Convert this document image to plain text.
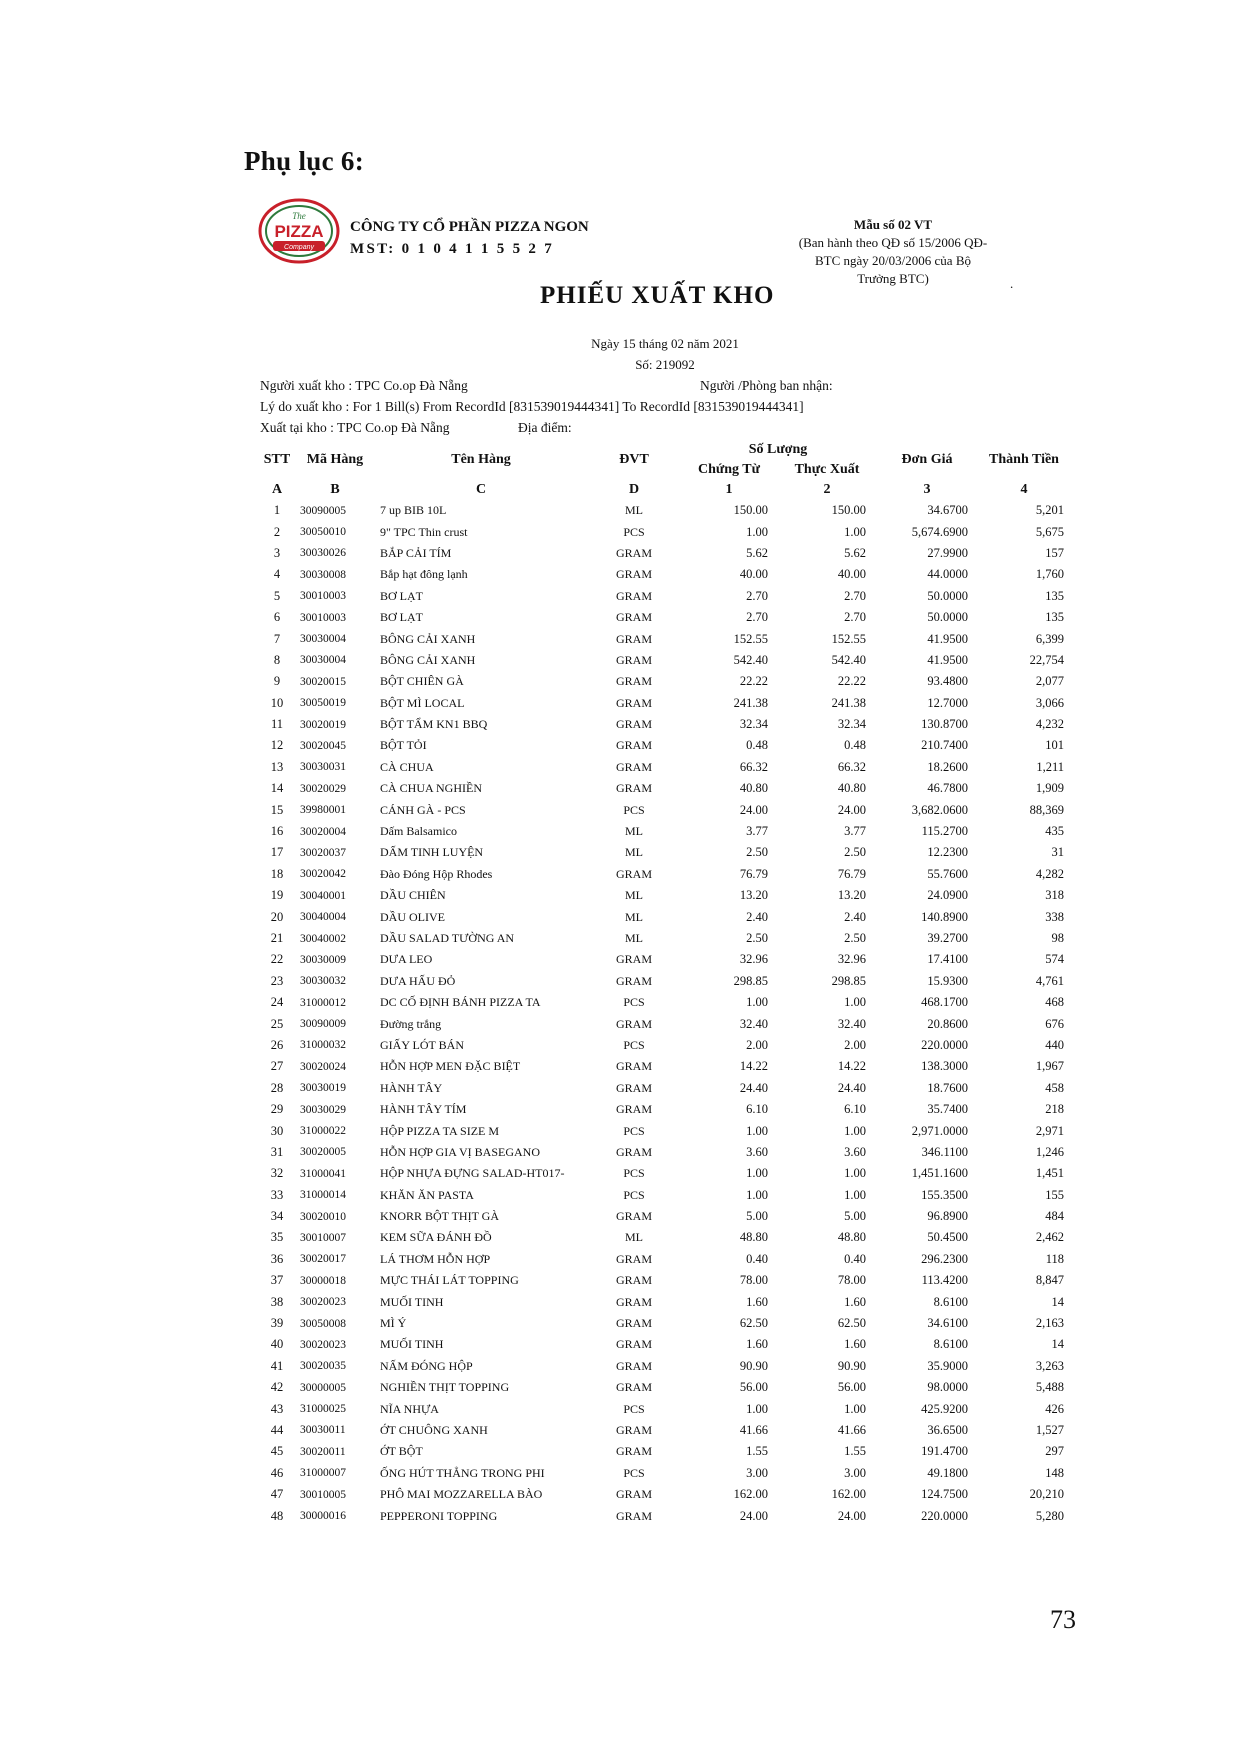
Phụ lục 6:
The
PIZZA
Company
CÔNG TY CỔ PHẦN PIZZA NGON
MST: 0 1 0 4 1 1 5 5 2 7
Mẫu số 02 VT
(Ban hành theo QĐ số 15/2006 QĐ-
BTC ngày 20/03/2006 của Bộ
Trưởng BTC)	.
PHIẾU XUẤT KHO
Ngày 15 tháng 02 năm 2021
Số: 219092
Người xuất kho : TPC Co.op Đà Nẵng	Người /Phòng ban nhận:
Lý do xuất kho : For 1 Bill(s) From RecordId [831539019444341] To RecordId [831539019444341]
Xuất tại kho : TPC Co.op Đà Nẵng	Địa điểm:
STT	Mã Hàng	Tên Hàng	ĐVT	Số Lượng		Đơn Giá	Thành Tiền
				Chứng Từ	Thực Xuất		
A	B	C	D	1	2	3	4
1	30090005	7 up BIB 10L	ML	150.00	150.00	34.6700	5,201
2	30050010	9" TPC Thin crust	PCS	1.00	1.00	5,674.6900	5,675
3	30030026	BẮP CẢI TÍM	GRAM	5.62	5.62	27.9900	157
4	30030008	Bắp hạt đông lạnh	GRAM	40.00	40.00	44.0000	1,760
5	30010003	BƠ LẠT	GRAM	2.70	2.70	50.0000	135
6	30010003	BƠ LẠT	GRAM	2.70	2.70	50.0000	135
7	30030004	BÔNG CẢI XANH	GRAM	152.55	152.55	41.9500	6,399
8	30030004	BÔNG CẢI XANH	GRAM	542.40	542.40	41.9500	22,754
9	30020015	BỘT CHIÊN GÀ	GRAM	22.22	22.22	93.4800	2,077
10	30050019	BỘT MÌ LOCAL	GRAM	241.38	241.38	12.7000	3,066
11	30020019	BỘT TẨM KN1 BBQ	GRAM	32.34	32.34	130.8700	4,232
12	30020045	BỘT TỎI	GRAM	0.48	0.48	210.7400	101
13	30030031	CÀ CHUA	GRAM	66.32	66.32	18.2600	1,211
14	30020029	CÀ CHUA NGHIỀN	GRAM	40.80	40.80	46.7800	1,909
15	39980001	CÁNH GÀ - PCS	PCS	24.00	24.00	3,682.0600	88,369
16	30020004	Dấm Balsamico	ML	3.77	3.77	115.2700	435
17	30020037	DẤM TINH LUYỆN	ML	2.50	2.50	12.2300	31
18	30020042	Đào Đóng Hộp Rhodes	GRAM	76.79	76.79	55.7600	4,282
19	30040001	DẦU CHIÊN	ML	13.20	13.20	24.0900	318
20	30040004	DẦU OLIVE	ML	2.40	2.40	140.8900	338
21	30040002	DẦU SALAD TƯỜNG AN	ML	2.50	2.50	39.2700	98
22	30030009	DƯA LEO	GRAM	32.96	32.96	17.4100	574
23	30030032	DƯA HẤU ĐỎ	GRAM	298.85	298.85	15.9300	4,761
24	31000012	DC CỐ ĐỊNH BÁNH PIZZA TA	PCS	1.00	1.00	468.1700	468
25	30090009	Đường trắng	GRAM	32.40	32.40	20.8600	676
26	31000032	GIẤY LÓT BÁN	PCS	2.00	2.00	220.0000	440
27	30020024	HỖN HỢP MEN ĐẶC BIỆT	GRAM	14.22	14.22	138.3000	1,967
28	30030019	HÀNH TÂY	GRAM	24.40	24.40	18.7600	458
29	30030029	HÀNH TÂY TÍM	GRAM	6.10	6.10	35.7400	218
30	31000022	HỘP PIZZA TA SIZE M	PCS	1.00	1.00	2,971.0000	2,971
31	30020005	HỖN HỢP GIA VỊ BASEGANO	GRAM	3.60	3.60	346.1100	1,246
32	31000041	HỘP NHỰA ĐỰNG SALAD-HT017-	PCS	1.00	1.00	1,451.1600	1,451
33	31000014	KHĂN ĂN PASTA	PCS	1.00	1.00	155.3500	155
34	30020010	KNORR BỘT THỊT GÀ	GRAM	5.00	5.00	96.8900	484
35	30010007	KEM SỮA ĐÁNH ĐỒ	ML	48.80	48.80	50.4500	2,462
36	30020017	LÁ THƠM HỖN HỢP	GRAM	0.40	0.40	296.2300	118
37	30000018	MỰC THÁI LÁT TOPPING	GRAM	78.00	78.00	113.4200	8,847
38	30020023	MUỐI TINH	GRAM	1.60	1.60	8.6100	14
39	30050008	MÌ Ý	GRAM	62.50	62.50	34.6100	2,163
40	30020023	MUỐI TINH	GRAM	1.60	1.60	8.6100	14
41	30020035	NẤM ĐÓNG HỘP	GRAM	90.90	90.90	35.9000	3,263
42	30000005	NGHIỀN THỊT TOPPING	GRAM	56.00	56.00	98.0000	5,488
43	31000025	NĨA NHỰA	PCS	1.00	1.00	425.9200	426
44	30030011	ỚT CHUÔNG XANH	GRAM	41.66	41.66	36.6500	1,527
45	30020011	ỚT BỘT	GRAM	1.55	1.55	191.4700	297
46	31000007	ỐNG HÚT THẲNG TRONG PHI	PCS	3.00	3.00	49.1800	148
47	30010005	PHÔ MAI MOZZARELLA BÀO	GRAM	162.00	162.00	124.7500	20,210
48	30000016	PEPPERONI TOPPING	GRAM	24.00	24.00	220.0000	5,280
73
